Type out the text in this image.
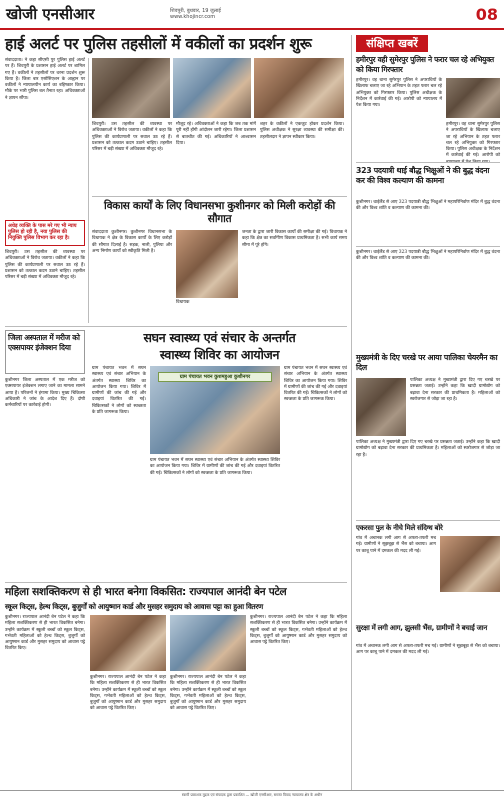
खोजी एनसीआर	शिवपुरी, बुधवार, 19 जुलाई
www.khojincr.com	08
हाई अलर्ट पर पुलिस तहसीलों में वकीलों का प्रदर्शन शुरू
संवाददाता। ने कहा सीएसी पुर पुलिस हाई अलर्ट पर हैं। शिवपुरी के प्रशासन हाई अलर्ट पर शामिल गए हैं। वकीलों ने तहसीलों पर धरना प्रदर्शन शुरू किया है। जिला बार एसोसिएशन के आह्वान पर वकीलों ने न्यायालयीन कार्य का बहिष्कार किया। मौके पर भारी पुलिस बल तैनात रहा। अधिवक्ताओं ने ज्ञापन सौंपा।
अधेड़ व्यक्ति के पास मरे गए भी न्याय पुलिस हो रही है, नया पुलिस की नियुक्ति पुलिस विभाग कर रहा है।
शिवपुरी। उस तहसील की व्यवस्था पर अधिवक्ताओं ने विरोध जताया। वकीलों ने कहा कि पुलिस की कार्यप्रणाली पर सवाल उठ रहे हैं। प्रशासन को तत्काल कदम उठाने चाहिए। तहसील परिसर में बड़ी संख्या में अधिवक्ता मौजूद रहे।
शिवपुरी। उस तहसील की व्यवस्था पर अधिवक्ताओं ने विरोध जताया। वकीलों ने कहा कि पुलिस की कार्यप्रणाली पर सवाल उठ रहे हैं। प्रशासन को तत्काल कदम उठाने चाहिए। तहसील परिसर में बड़ी संख्या में अधिवक्ता मौजूद रहे।
मौजूद रहे। अधिवक्ताओं ने कहा कि जब तक मांगें पूरी नहीं होंगी आंदोलन जारी रहेगा। जिला प्रशासन से बातचीत की गई। अधिकारियों ने आश्वासन दिया।
शहर के वकीलों ने एकजुट होकर प्रदर्शन किया। पुलिस अधीक्षक ने सुरक्षा व्यवस्था की समीक्षा की। तहसीलदार ने ज्ञापन स्वीकार किया।
संक्षिप्त खबरें
हमीरपुर वही सुमेरपुर पुलिस ने फरार चल रहे अभियुक्त को किया गिरफ्तार
हमीरपुर। वह थाना सुमेरपुर पुलिस ने अपराधियों के खिलाफ चलाए जा रहे अभियान के तहत फरार चल रहे अभियुक्त को गिरफ्तार किया। पुलिस अधीक्षक के निर्देशन में कार्रवाई की गई। आरोपी को न्यायालय में पेश किया गया।
हमीरपुर। वह थाना सुमेरपुर पुलिस ने अपराधियों के खिलाफ चलाए जा रहे अभियान के तहत फरार चल रहे अभियुक्त को गिरफ्तार किया। पुलिस अधीक्षक के निर्देशन में कार्रवाई की गई। आरोपी को
323 पदयात्री थाई बौद्ध भिक्षुओं ने की बुद्ध वंदना कर की विश्व कल्याण की कामना
कुशीनगर। थाईलैंड से आए 323 पदयात्री बौद्ध भिक्षुओं ने महापरिनिर्वाण मंदिर में बुद्ध वंदना की और विश्व शांति व कल्याण की कामना की।
विकास कार्यों के लिए विधानसभा कुशीनगर को मिली करोड़ों की सौगात
संवाददाता कुशीनगर। कुशीनगर विधानसभा के विधायक ने क्षेत्र के विकास कार्यों के लिए करोड़ों की सौगात दिलाई है। सड़क, नाली, पुलिया और अन्य निर्माण कार्यों को स्वीकृति मिली है।
विधायक
जनता के द्वारा जारी विकास कार्यों की समीक्षा की गई। विधायक ने कहा कि क्षेत्र का सर्वांगीण विकास प्राथमिकता है। सभी कार्य समय सीमा में पूरे होंगे।
जिला अस्पताल में मरीज को एक्सपायर इंजेक्शन दिया
कुशीनगर जिला अस्पताल में एक मरीज को एक्सपायर इंजेक्शन लगाए जाने का मामला सामने आया है। परिजनों ने हंगामा किया। मुख्य चिकित्सा अधिकारी ने जांच के आदेश दिए हैं। दोषी कर्मचारियों पर कार्रवाई होगी।
सघन स्वास्थ्य एवं संचार के अन्तर्गत
स्वास्थ्य शिविर का आयोजन
ग्राम पंचायत भवन कुशमहुआ कुशीनगर
ग्राम पंचायत भवन में सघन स्वास्थ्य एवं संचार अभियान के अंतर्गत स्वास्थ्य शिविर का आयोजन किया गया। शिविर में ग्रामीणों की जांच की गई और दवाइयां वितरित की गईं। चिकित्सकों ने लोगों को स्वच्छता के प्रति जागरूक किया।
ग्राम पंचायत भवन में सघन स्वास्थ्य एवं संचार अभियान के अंतर्गत स्वास्थ्य शिविर का आयोजन किया गया। शिविर में ग्रामीणों की जांच की गई और दवाइयां वितरित की गईं। चिकित्सकों ने लोगों को स्वच्छता के प्रति जागरूक किया।
ग्राम पंचायत भवन में सघन स्वास्थ्य एवं संचार अभियान के अंतर्गत स्वास्थ्य शिविर का आयोजन किया गया। शिविर में ग्रामीणों की जांच की गई और दवाइयां वितरित की गईं। चिकित्सकों ने लोगों को स्वच्छता के प्रति जागरूक किया।
कुशीनगर। थाईलैंड से आए 323 पदयात्री बौद्ध भिक्षुओं ने महापरिनिर्वाण मंदिर में बुद्ध वंदना की और विश्व शांति व कल्याण की कामना की।
मुख्यमंत्री के दिए चरखे पर आया पालिका चेयरमैन का दिल
पालिका अध्यक्ष ने मुख्यमंत्री द्वारा दिए गए चरखे पर प्रसन्नता जताई। उन्होंने कहा कि खादी ग्रामोद्योग को बढ़ावा देना सरकार की प्राथमिकता है। महिलाओं को स्वरोजगार से जोड़ा जा रहा है।
पालिका अध्यक्ष ने मुख्यमंत्री द्वारा दिए गए चरखे पर प्रसन्नता जताई। उन्होंने कहा कि खादी ग्रामोद्योग को बढ़ावा देना सरकार की प्राथमिकता है। महिलाओं को स्वरोजगार से जोड़ा जा रहा है।
एकरसा पुल के नीचे मिले संदिग्ध बोरे
गांव में अचानक लगी आग से अफरा-तफरी मच गई। ग्रामीणों ने सूझबूझ से भैंस को बचाया। आग पर काबू पाने में दमकल की मदद ली गई।
सुरक्षा में लगी आग, झुलसी भैंस, ग्रामीणों ने बचाई जान
गांव में अचानक लगी आग से अफरा-तफरी मच गई। ग्रामीणों ने सूझबूझ से भैंस को बचाया। आग पर काबू पाने में दमकल की मदद ली गई।
महिला सशक्तिकरण से ही भारत बनेगा विकसित: राज्यपाल आनंदी बेन पटेल
स्कूल किट्स, हेल्थ किट्स, बुजुर्गों को आयुष्मान कार्ड और मुसहर समुदाय को आवास पट्टा का हुआ वितरण
कुशीनगर। राज्यपाल आनंदी बेन पटेल ने कहा कि महिला सशक्तिकरण से ही भारत विकसित बनेगा। उन्होंने कार्यक्रम में स्कूली बच्चों को स्कूल किट्स, गर्भवती महिलाओं को हेल्थ किट्स, बुजुर्गों को आयुष्मान कार्ड और मुसहर समुदाय को आवास पट्टे वितरित किए।
कुशीनगर। राज्यपाल आनंदी बेन पटेल ने कहा कि महिला सशक्तिकरण से ही भारत विकसित बनेगा। उन्होंने कार्यक्रम में स्कूली बच्चों को स्कूल किट्स, गर्भवती महिलाओं को हेल्थ किट्स, बुजुर्गों को आयुष्मान कार्ड और मुसहर समुदाय को आवास पट्टे वितरित किए।
कुशीनगर। राज्यपाल आनंदी बेन पटेल ने कहा कि महिला सशक्तिकरण से ही भारत विकसित बनेगा। उन्होंने कार्यक्रम में स्कूली बच्चों को स्कूल किट्स, गर्भवती महिलाओं को हेल्थ किट्स, बुजुर्गों को आयुष्मान कार्ड और मुसहर समुदाय को आवास पट्टे वितरित किए।
कुशीनगर। राज्यपाल आनंदी बेन पटेल ने कहा कि महिला सशक्तिकरण से ही भारत विकसित बनेगा। उन्होंने कार्यक्रम में स्कूली बच्चों को स्कूल किट्स, गर्भवती महिलाओं को हेल्थ किट्स, बुजुर्गों को आयुष्मान कार्ड और मुसहर समुदाय को आवास पट्टे वितरित किए।
स्वामी प्रकाशक मुद्रक एवं संपादक द्वारा प्रकाशित — खोजी एनसीआर, समस्त विवाद न्यायालय क्षेत्र के अधीन
